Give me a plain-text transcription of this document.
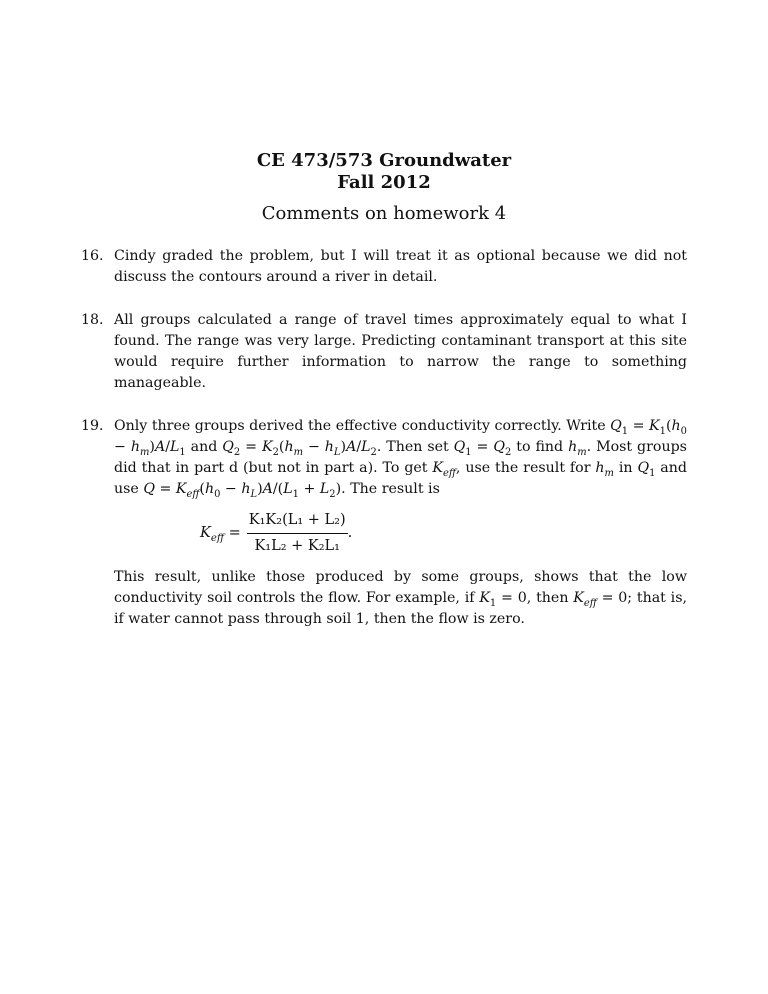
CE 473/573 Groundwater
Fall 2012
Comments on homework 4
16. Cindy graded the problem, but I will treat it as optional because we did not discuss the contours around a river in detail.
18. All groups calculated a range of travel times approximately equal to what I found. The range was very large. Predicting contaminant transport at this site would require further information to narrow the range to something manageable.
19. Only three groups derived the effective conductivity correctly. Write $Q_1 = K_1(h_0 - h_m)A/L_1$ and $Q_2 = K_2(h_m - h_L)A/L_2$. Then set $Q_1 = Q_2$ to find $h_m$. Most groups did that in part d (but not in part a). To get $K_{eff}$, use the result for $h_m$ in $Q_1$ and use $Q = K_{eff}(h_0 - h_L)A/(L_1 + L_2)$. The result is
$K_{eff} = \frac{\text{K₁K₂(L₁ + L₂)}}{\text{K₁L₂ + K₂L₁}}$ .
This result, unlike those produced by some groups, shows that the low conductivity soil controls the flow. For example, if $K_1 = 0$, then $K_{eff} = 0$; that is, if water cannot pass through soil 1, then the flow is zero.
